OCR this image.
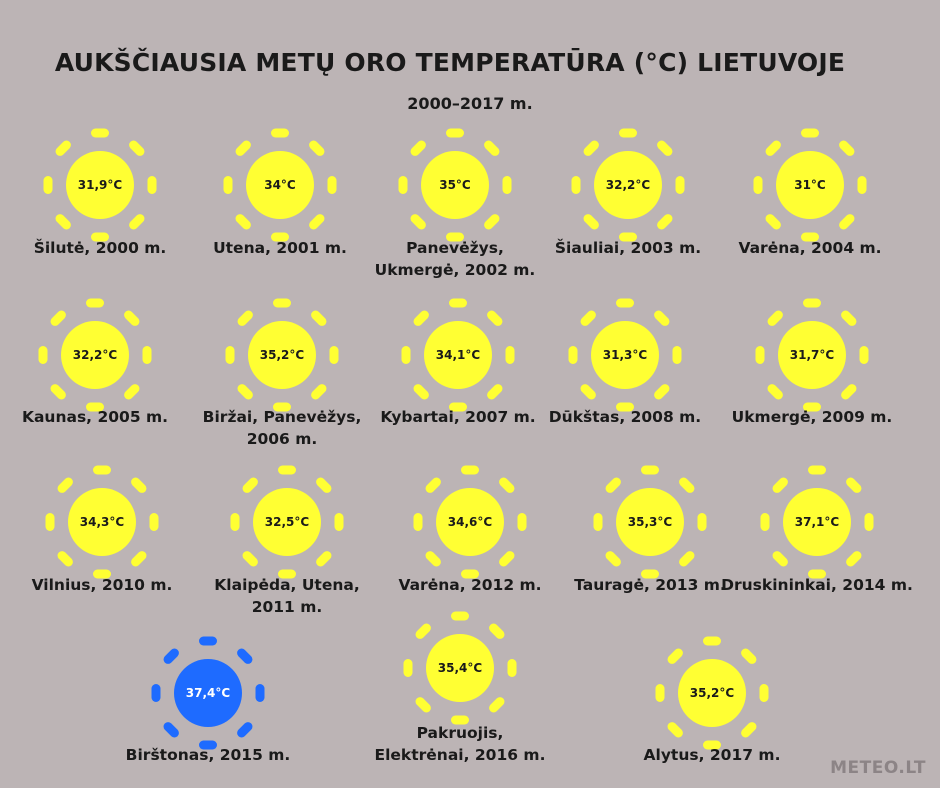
AUKŠČIAUSIA METŲ ORO TEMPERATŪRA (°C) LIETUVOJE
2000–2017 m.
31,9°C
Šilutė, 2000 m.
34°C
Utena, 2001 m.
35°C
Panevėžys,
Ukmergė, 2002 m.
32,2°C
Šiauliai, 2003 m.
31°C
Varėna, 2004 m.
32,2°C
Kaunas, 2005 m.
35,2°C
Biržai, Panevėžys,
2006 m.
34,1°C
Kybartai, 2007 m.
31,3°C
Dūkštas, 2008 m.
31,7°C
Ukmergė, 2009 m.
34,3°C
Vilnius, 2010 m.
32,5°C
Klaipėda, Utena,
2011 m.
34,6°C
Varėna, 2012 m.
35,3°C
Tauragė, 2013 m.
37,1°C
Druskininkai, 2014 m.
37,4°C
Birštonas, 2015 m.
35,4°C
Pakruojis,
Elektrėnai, 2016 m.
35,2°C
Alytus, 2017 m.
METEO.LT
